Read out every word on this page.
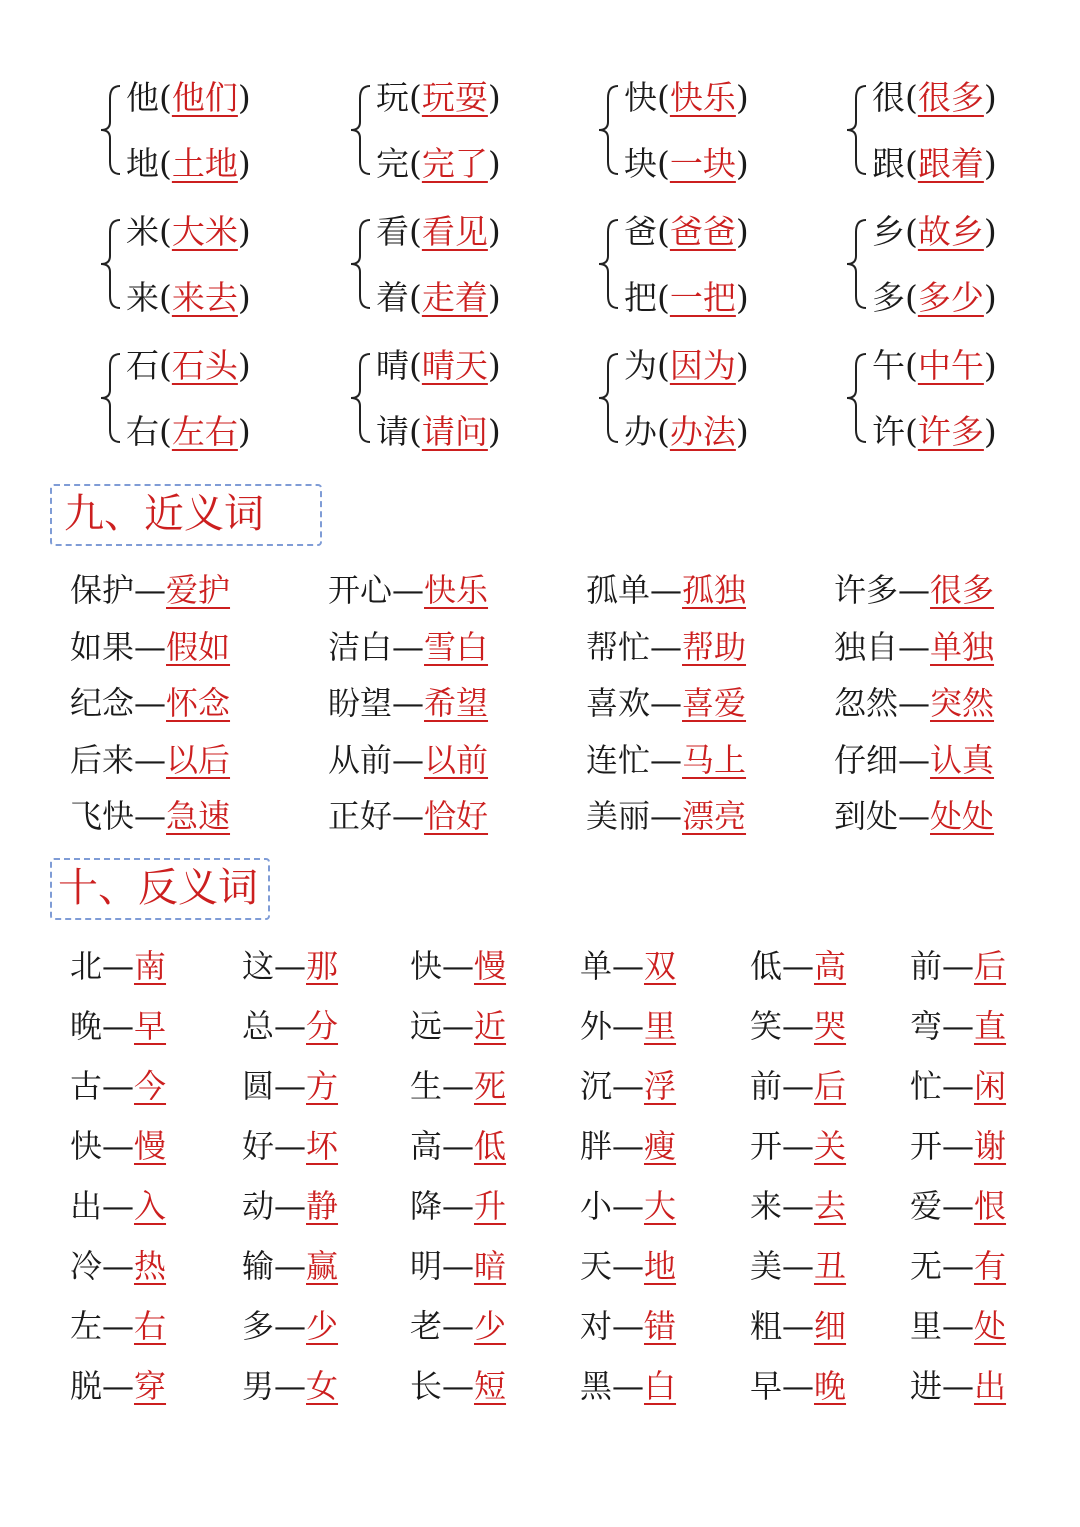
他(他们)
地(土地)
玩(玩耍)
完(完了)
快(快乐)
块(一块)
很(很多)
跟(跟着)
米(大米)
来(来去)
看(看见)
着(走着)
爸(爸爸)
把(一把)
乡(故乡)
多(多少)
石(石头)
右(左右)
晴(晴天)
请(请问)
为(因为)
办(办法)
午(中午)
许(许多)
九、近义词
保护—爱护	开心—快乐	孤单—孤独	许多—很多
如果—假如	洁白—雪白	帮忙—帮助	独自—单独
纪念—怀念	盼望—希望	喜欢—喜爱	忽然—突然
后来—以后	从前—以前	连忙—马上	仔细—认真
飞快—急速	正好—恰好	美丽—漂亮	到处—处处
十、反义词
北—南 这—那 快—慢 单—双 低—高 前—后
晚—早 总—分 远—近 外—里 笑—哭 弯—直
古—今 圆—方 生—死 沉—浮 前—后 忙—闲
快—慢 好—坏 高—低 胖—瘦 开—关 开—谢
出—入 动—静 降—升 小—大 来—去 爱—恨
冷—热 输—赢 明—暗 天—地 美—丑 无—有
左—右 多—少 老—少 对—错 粗—细 里—处
脱—穿 男—女 长—短 黑—白 早—晚 进—出
